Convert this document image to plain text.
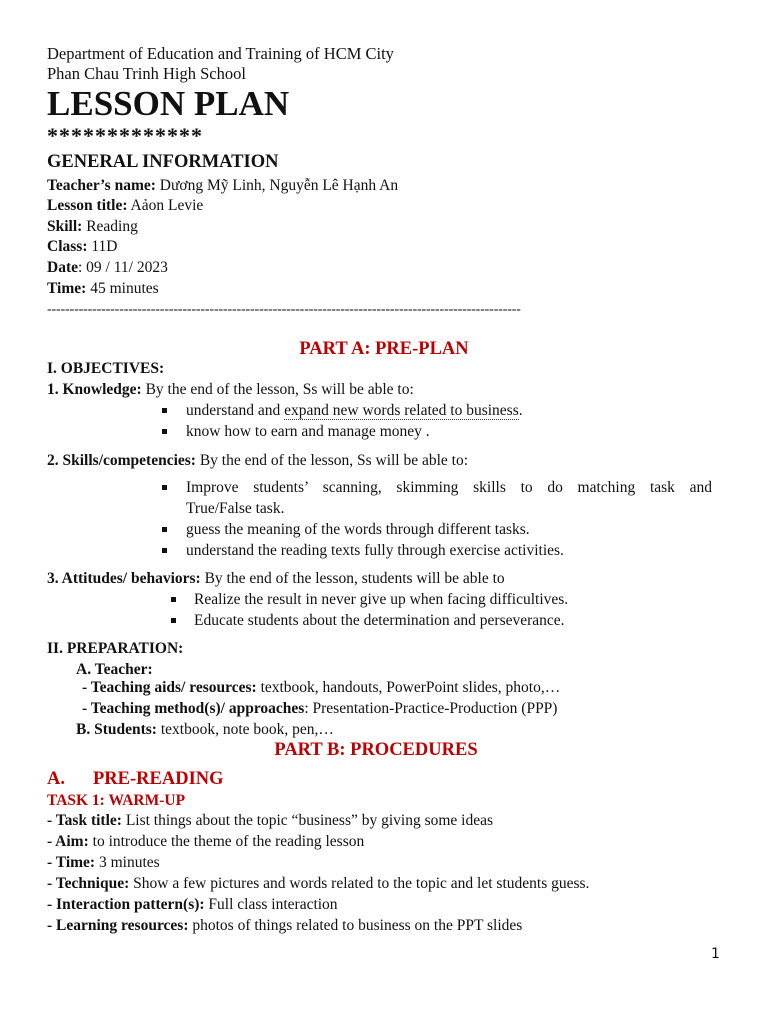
Department of Education and Training of HCM City
Phan Chau Trinh High School
LESSON PLAN
*************
GENERAL INFORMATION
Teacher’s name: Dương Mỹ Linh, Nguyễn Lê Hạnh An
Lesson title: Aảon Levie
Skill: Reading
Class: 11D
Date: 09 / 11/ 2023
Time: 45 minutes
---------------------------------------------------------------------------------------------------------
PART A: PRE-PLAN
I. OBJECTIVES:
1. Knowledge: By the end of the lesson, Ss will be able to:
understand and expand new words related to business.
know how to earn and manage money .
2. Skills/competencies: By the end of the lesson, Ss will be able to:
Improve students’ scanning, skimming skills to do matching task and
True/False task.
guess the meaning of the words through different tasks.
understand the reading texts fully through exercise activities.
3. Attitudes/ behaviors: By the end of the lesson, students will be able to
Realize the result in never give up when facing difficultives.
Educate students about the determination and perseverance.
II. PREPARATION:
A. Teacher:
- Teaching aids/ resources: textbook, handouts, PowerPoint slides, photo,…
- Teaching method(s)/ approaches: Presentation-Practice-Production (PPP)
B. Students: textbook, note book, pen,…
PART B: PROCEDURES
A. PRE-READING
TASK 1: WARM-UP
- Task title: List things about the topic “business” by giving some ideas
- Aim: to introduce the theme of the reading lesson
- Time: 3 minutes
- Technique: Show a few pictures and words related to the topic and let students guess.
- Interaction pattern(s): Full class interaction
- Learning resources: photos of things related to business on the PPT slides
1
